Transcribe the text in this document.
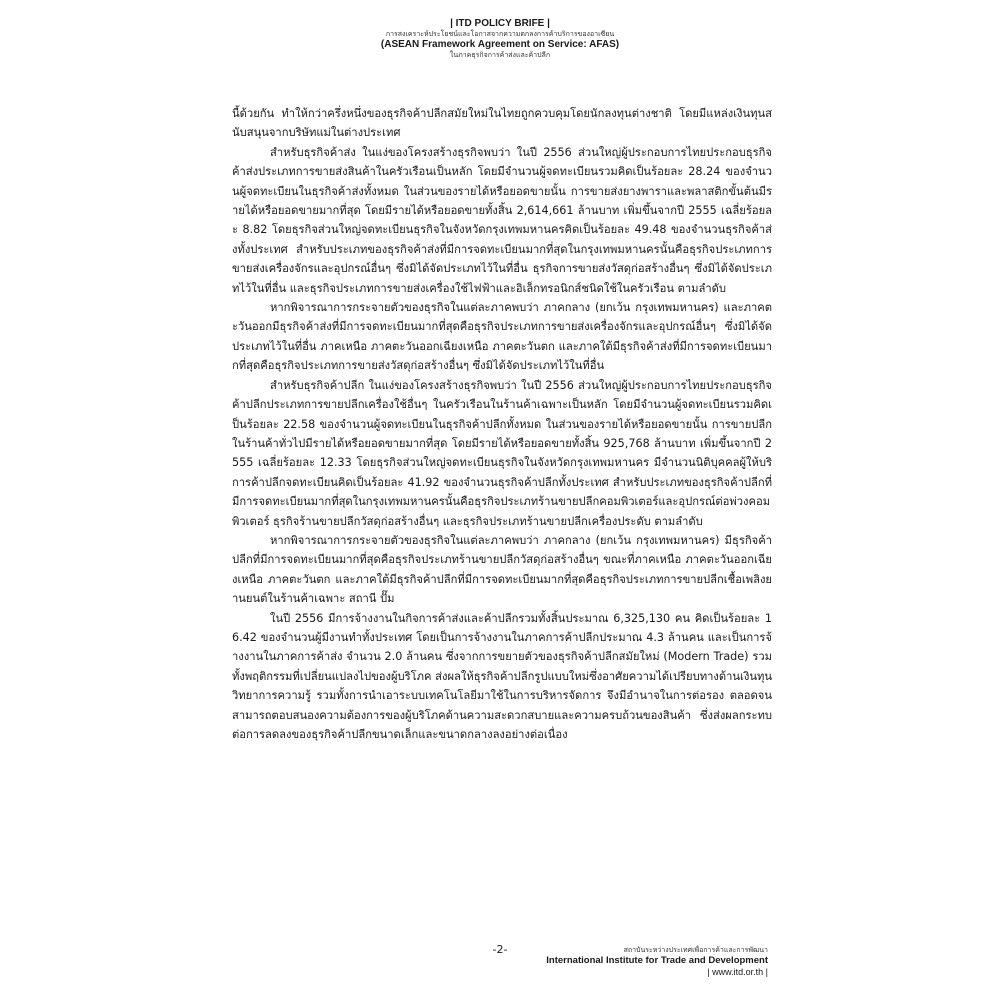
| ITD POLICY BRIFE |
การสงเคราะห์ประโยชน์และโอกาสจากความตกลงการค้าบริการของอาเซียน
(ASEAN Framework Agreement on Service: AFAS)
ในภาคธุรกิจการค้าส่งและค้าปลีก

นี้ด้วยกัน ทำให้กว่าครึ่งหนึ่งของธุรกิจค้าปลีกสมัยใหม่ในไทยถูกควบคุมโดยนักลงทุนต่างชาติ โดยมีแหล่งเงินทุนสนับสนุนจากบริษัทแม่ในต่างประเทศ

สำหรับธุรกิจค้าส่ง ในแง่ของโครงสร้างธุรกิจพบว่า ในปี 2556 ส่วนใหญ่ผู้ประกอบการไทยประกอบธุรกิจ ค้าส่งประเภทการขายส่งสินค้าในครัวเรือนเป็นหลัก โดยมีจำนวนผู้จดทะเบียนรวมคิดเป็นร้อยละ 28.24 ของจำนวนผู้จดทะเบียนในธุรกิจค้าส่งทั้งหมด ในส่วนของรายได้หรือยอดขายนั้น การขายส่งยางพาราและพลาสติกขั้นต้นมีรายได้หรือยอดขายมากที่สุด โดยมีรายได้หรือยอดขายทั้งสิ้น 2,614,661 ล้านบาท เพิ่มขึ้นจากปี 2555 เฉลี่ยร้อยละ 8.82 โดยธุรกิจส่วนใหญ่จดทะเบียนธุรกิจในจังหวัดกรุงเทพมหานครคิดเป็นร้อยละ 49.48 ของจำนวนธุรกิจค้าส่งทั้งประเทศ สำหรับประเภทของธุรกิจค้าส่งที่มีการจดทะเบียนมากที่สุดในกรุงเทพมหานครนั้นคือธุรกิจประเภทการขายส่งเครื่องจักรและอุปกรณ์อื่นๆ ซึ่งมิได้จัดประเภทไว้ในที่อื่น ธุรกิจการขายส่งวัสดุก่อสร้างอื่นๆ ซึ่งมิได้จัดประเภทไว้ในที่อื่น และธุรกิจประเภทการขายส่งเครื่องใช้ไฟฟ้าและอิเล็กทรอนิกส์ชนิดใช้ในครัวเรือน ตามลำดับ

หากพิจารณาการกระจายตัวของธุรกิจในแต่ละภาคพบว่า ภาคกลาง (ยกเว้น กรุงเทพมหานคร) และภาคตะวันออกมีธุรกิจค้าส่งที่มีการจดทะเบียนมากที่สุดคือธุรกิจประเภทการขายส่งเครื่องจักรและอุปกรณ์อื่นๆ ซึ่งมิได้จัดประเภทไว้ในที่อื่น ภาคเหนือ ภาคตะวันออกเฉียงเหนือ ภาคตะวันตก และภาคใต้มีธุรกิจค้าส่งที่มีการจดทะเบียนมากที่สุดคือธุรกิจประเภทการขายส่งวัสดุก่อสร้างอื่นๆ ซึ่งมิได้จัดประเภทไว้ในที่อื่น

สำหรับธุรกิจค้าปลีก ในแง่ของโครงสร้างธุรกิจพบว่า ในปี 2556 ส่วนใหญ่ผู้ประกอบการไทยประกอบธุรกิจค้าปลีกประเภทการขายปลีกเครื่องใช้อื่นๆ ในครัวเรือนในร้านค้าเฉพาะเป็นหลัก โดยมีจำนวนผู้จดทะเบียนรวมคิดเป็นร้อยละ 22.58 ของจำนวนผู้จดทะเบียนในธุรกิจค้าปลีกทั้งหมด ในส่วนของรายได้หรือยอดขายนั้น การขายปลีกในร้านค้าทั่วไปมีรายได้หรือยอดขายมากที่สุด โดยมีรายได้หรือยอดขายทั้งสิ้น 925,768 ล้านบาท เพิ่มขึ้นจากปี 2555 เฉลี่ยร้อยละ 12.33 โดยธุรกิจส่วนใหญ่จดทะเบียนธุรกิจในจังหวัดกรุงเทพมหานคร มีจำนวนนิติบุคคลผู้ให้บริการค้าปลีกจดทะเบียนคิดเป็นร้อยละ 41.92 ของจำนวนธุรกิจค้าปลีกทั้งประเทศ สำหรับประเภทของธุรกิจค้าปลีกที่มีการจดทะเบียนมากที่สุดในกรุงเทพมหานครนั้นคือธุรกิจประเภทร้านขายปลีกคอมพิวเตอร์และอุปกรณ์ต่อพ่วงคอมพิวเตอร์ ธุรกิจร้านขายปลีกวัสดุก่อสร้างอื่นๆ และธุรกิจประเภทร้านขายปลีกเครื่องประดับ ตามลำดับ

หากพิจารณาการกระจายตัวของธุรกิจในแต่ละภาคพบว่า ภาคกลาง (ยกเว้น กรุงเทพมหานคร) มีธุรกิจค้าปลีกที่มีการจดทะเบียนมากที่สุดคือธุรกิจประเภทร้านขายปลีกวัสดุก่อสร้างอื่นๆ ขณะที่ภาคเหนือ ภาคตะวันออกเฉียงเหนือ ภาคตะวันตก และภาคใต้มีธุรกิจค้าปลีกที่มีการจดทะเบียนมากที่สุดคือธุรกิจประเภทการขายปลีกเชื้อเพลิงยานยนต์ในร้านค้าเฉพาะ สถานี ปั๊ม

ในปี 2556 มีการจ้างงานในกิจการค้าส่งและค้าปลีกรวมทั้งสิ้นประมาณ 6,325,130 คน คิดเป็นร้อยละ 16.42 ของจำนวนผู้มีงานทำทั้งประเทศ โดยเป็นการจ้างงานในภาคการค้าปลีกประมาณ 4.3 ล้านคน และเป็นการจ้างงานในภาคการค้าส่ง จำนวน 2.0 ล้านคน ซึ่งจากการขยายตัวของธุรกิจค้าปลีกสมัยใหม่ (Modern Trade) รวมทั้งพฤติกรรมที่เปลี่ยนแปลงไปของผู้บริโภค ส่งผลให้ธุรกิจค้าปลีกรูปแบบใหม่ซึ่งอาศัยความได้เปรียบทางด้านเงินทุน วิทยาการความรู้ รวมทั้งการนำเอาระบบเทคโนโลยีมาใช้ในการบริหารจัดการ จึงมีอำนาจในการต่อรอง ตลอดจนสามารถตอบสนองความต้องการของผู้บริโภคด้านความสะดวกสบายและความครบถ้วนของสินค้า ซึ่งส่งผลกระทบต่อการลดลงของธุรกิจค้าปลีกขนาดเล็กและขนาดกลางลงอย่างต่อเนื่อง

-2-	สถาบันระหว่างประเทศเพื่อการค้าและการพัฒนา
International Institute for Trade and Development
| www.itd.or.th |
